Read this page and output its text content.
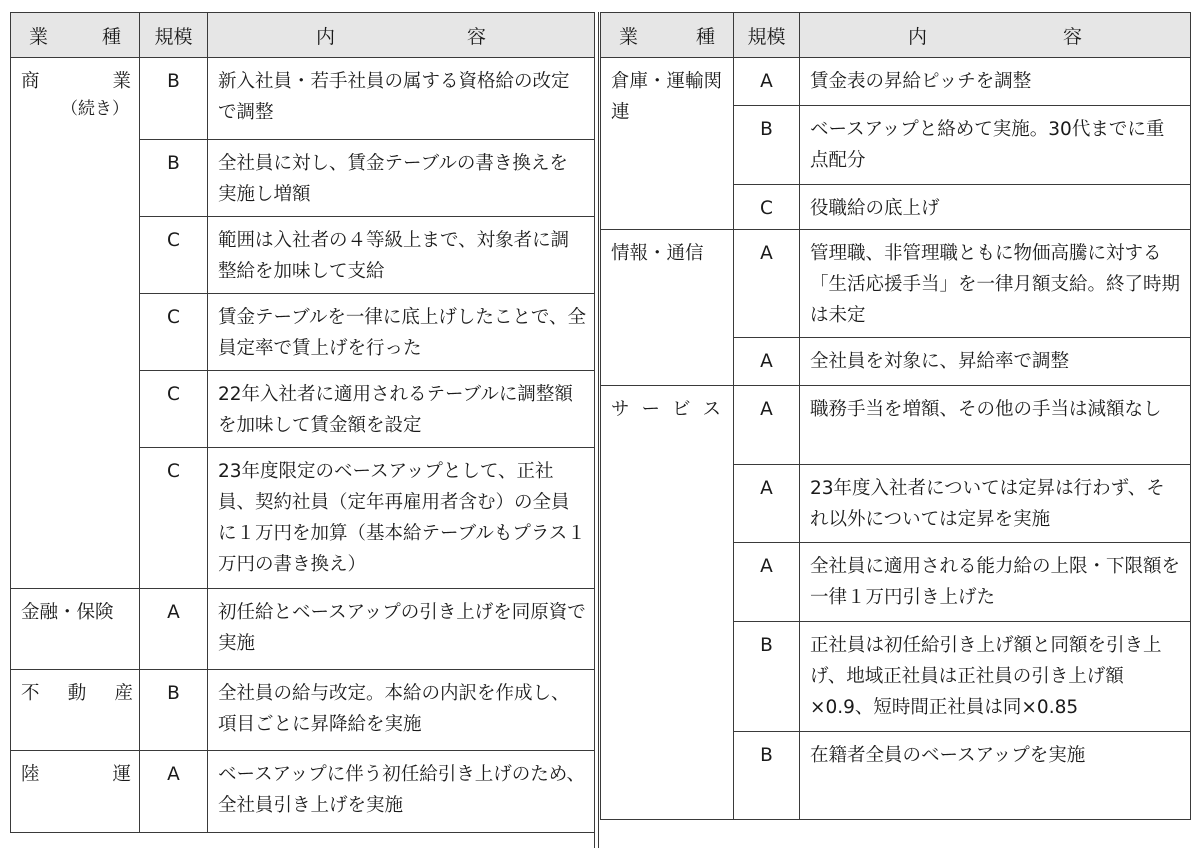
業 種	規模	内 容

商 業
（続き）	B	新入社員・若手社員の属する資格給の改定で調整
	B	全社員に対し、賃金テーブルの書き換えを実施し増額
	C	範囲は入社者の４等級上まで、対象者に調整給を加味して支給
	C	賃金テーブルを一律に底上げしたことで、全員定率で賃上げを行った
	C	22年入社者に適用されるテーブルに調整額を加味して賃金額を設定
	C	23年度限定のベースアップとして、正社員、契約社員（定年再雇用者含む）の全員に１万円を加算（基本給テーブルもプラス１万円の書き換え）
金融・保険	A	初任給とベースアップの引き上げを同原資で実施

不 動 産	B	全社員の給与改定。本給の内訳を作成し、項目ごとに昇降給を実施

陸 運	A	ベースアップに伴う初任給引き上げのため、全社員引き上げを実施
業 種	規模	内 容

倉庫・運輸関連	A	賃金表の昇給ピッチを調整
	B	ベースアップと絡めて実施。30代までに重点配分
	C	役職給の底上げ
情報・通信	A	管理職、非管理職ともに物価高騰に対する「生活応援手当」を一律月額支給。終了時期は未定
	A	全社員を対象に、昇給率で調整

サ ー ビ ス	A	職務手当を増額、その他の手当は減額なし
	A	23年度入社者については定昇は行わず、それ以外については定昇を実施
	A	全社員に適用される能力給の上限・下限額を一律１万円引き上げた
	B	正社員は初任給引き上げ額と同額を引き上げ、地域正社員は正社員の引き上げ額×0.9、短時間正社員は同×0.85
	B	在籍者全員のベースアップを実施
